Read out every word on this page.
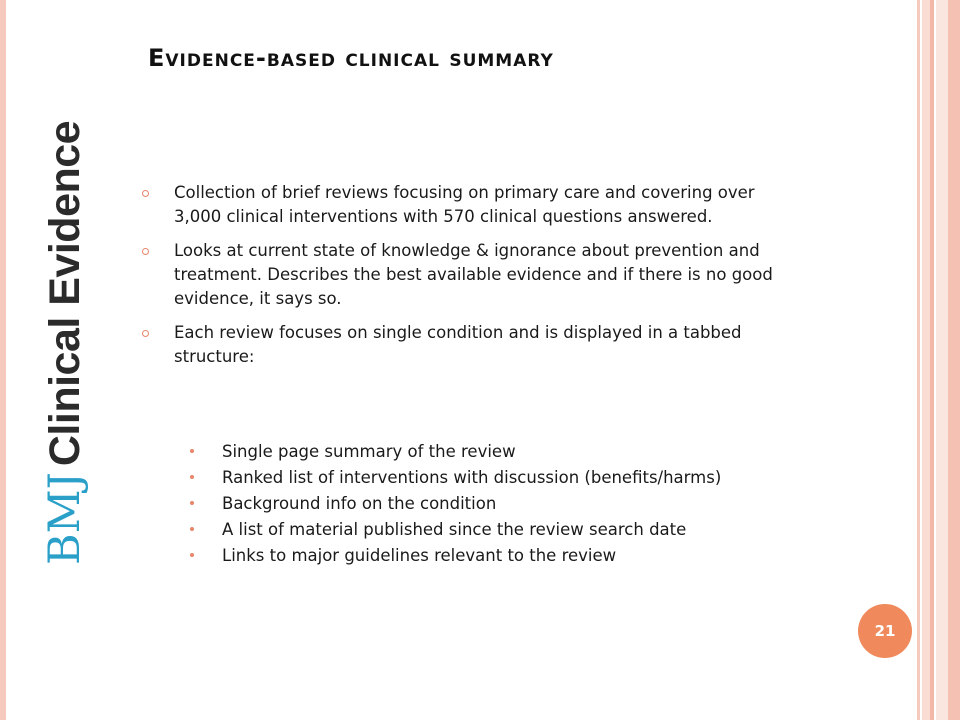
Evidence-based clinical summary
BMJClinical Evidence	Collection of brief reviews focusing on primary care and covering over 3,000 clinical interventions with 570 clinical questions answered.
Looks at current state of knowledge & ignorance about prevention and treatment. Describes the best available evidence and if there is no good evidence, it says so.
Each review focuses on single condition and is displayed in a tabbed structure:
Single page summary of the review
Ranked list of interventions with discussion (benefits/harms)
Background info on the condition
A list of material published since the review search date
Links to major guidelines relevant to the review
21
